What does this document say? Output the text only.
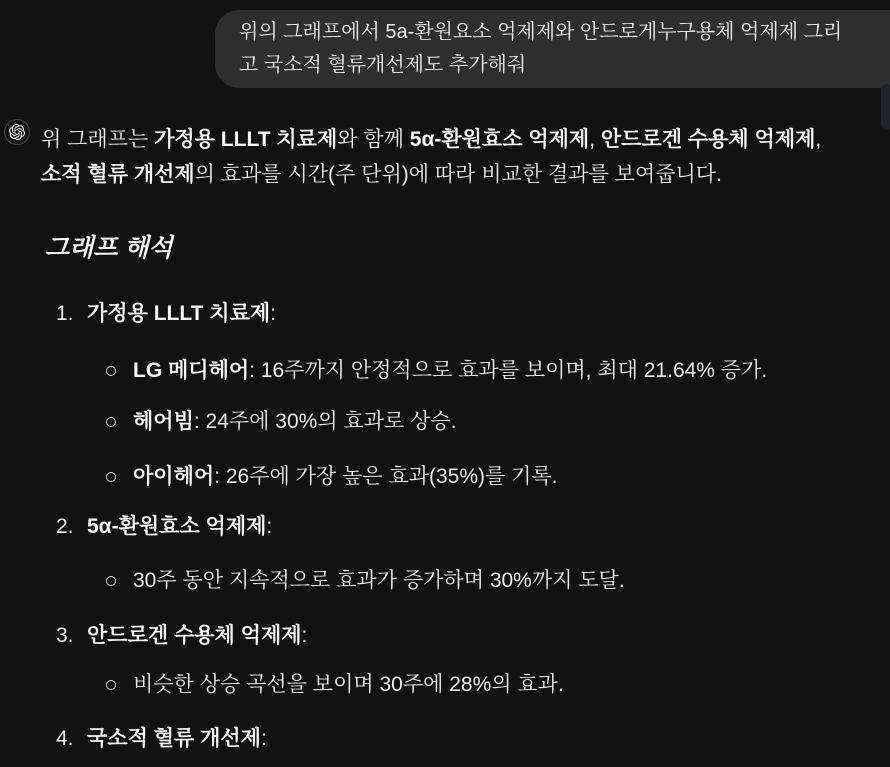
위의 그래프에서 5a-환원요소 억제제와 안드로게누구용체 억제제 그리
고 국소적 혈류개선제도 추가해줘
위 그래프는 가정용 LLLT 치료제와 함께 5α-환원효소 억제제, 안드로겐 수용체 억제제,
소적 혈류 개선제의 효과를 시간(주 단위)에 따라 비교한 결과를 보여줍니다.
그래프 해석
1. 가정용 LLLT 치료제:
LG 메디헤어: 16주까지 안정적으로 효과를 보이며, 최대 21.64% 증가.
헤어빔: 24주에 30%의 효과로 상승.
아이헤어: 26주에 가장 높은 효과(35%)를 기록.
2. 5α-환원효소 억제제:
30주 동안 지속적으로 효과가 증가하며 30%까지 도달.
3. 안드로겐 수용체 억제제:
비슷한 상승 곡선을 보이며 30주에 28%의 효과.
4. 국소적 혈류 개선제:
